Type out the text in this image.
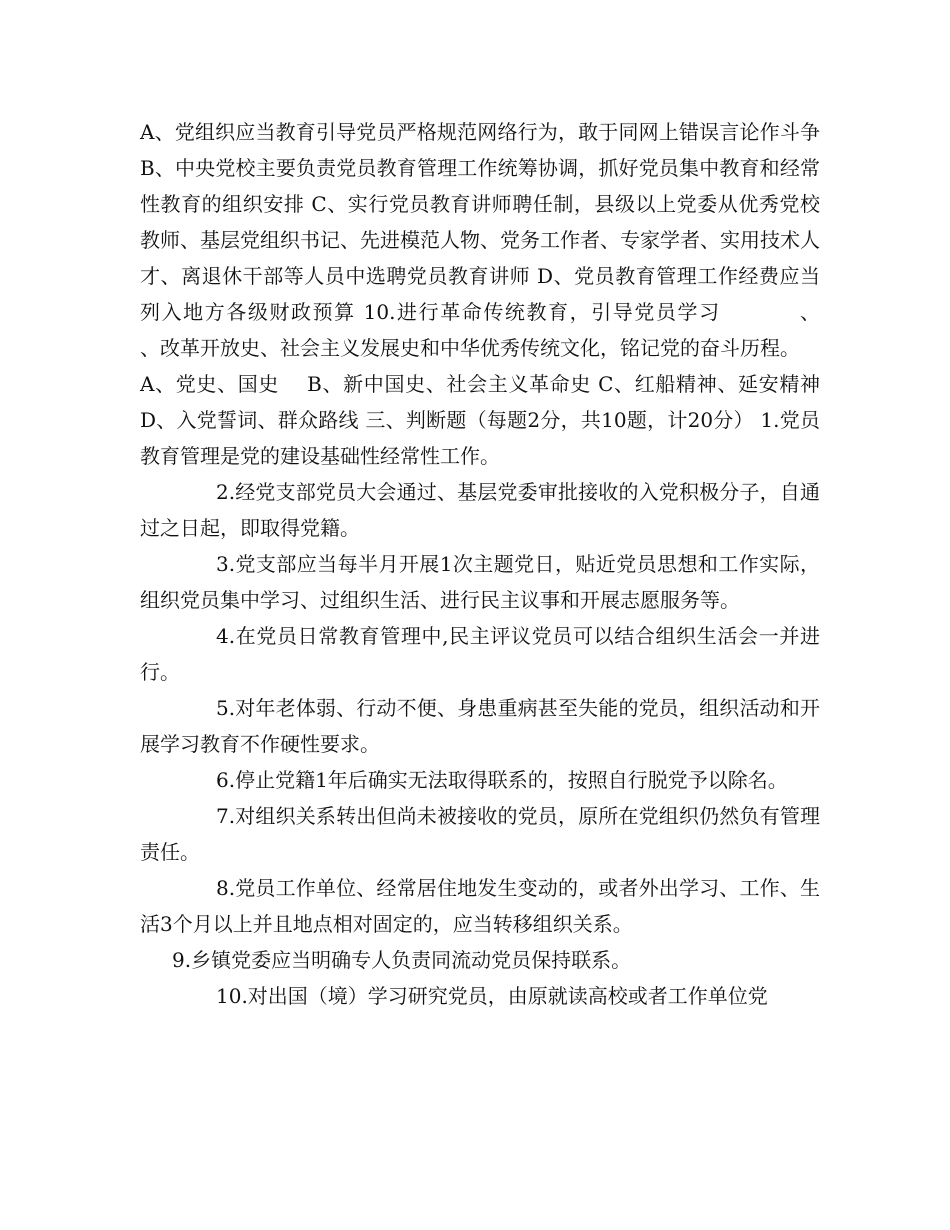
A、党组织应当教育引导党员严格规范网络行为，敢于同网上错误言论作斗争   B、中央党校主要负责党员教育管理工作统筹协调，抓好党员集中教育和经常性教育的组织安排 C、实行党员教育讲师聘任制，县级以上党委从优秀党校教师、基层党组织书记、先进模范人物、党务工作者、专家学者、实用技术人才、离退休干部等人员中选聘党员教育讲师 D、党员教育管理工作经费应当列入地方各级财政预算 10.进行革命传统教育，引导党员学习          、          、改革开放史、社会主义发展史和中华优秀传统文化，铭记党的奋斗历程。

A、党史、国史    B、新中国史、社会主义革命史 C、红船精神、延安精神    D、入党誓词、群众路线 三、判断题（每题2分，共10题，计20分） 1.党员教育管理是党的建设基础性经常性工作。

2.经党支部党员大会通过、基层党委审批接收的入党积极分子，自通过之日起，即取得党籍。

3.党支部应当每半月开展1次主题党日，贴近党员思想和工作实际，组织党员集中学习、过组织生活、进行民主议事和开展志愿服务等。

4.在党员日常教育管理中,民主评议党员可以结合组织生活会一并进行。

5.对年老体弱、行动不便、身患重病甚至失能的党员，组织活动和开展学习教育不作硬性要求。

6.停止党籍1年后确实无法取得联系的，按照自行脱党予以除名。

7.对组织关系转出但尚未被接收的党员，原所在党组织仍然负有管理责任。

8.党员工作单位、经常居住地发生变动的，或者外出学习、工作、生活3个月以上并且地点相对固定的，应当转移组织关系。

9.乡镇党委应当明确专人负责同流动党员保持联系。

10.对出国（境）学习研究党员，由原就读高校或者工作单位党
